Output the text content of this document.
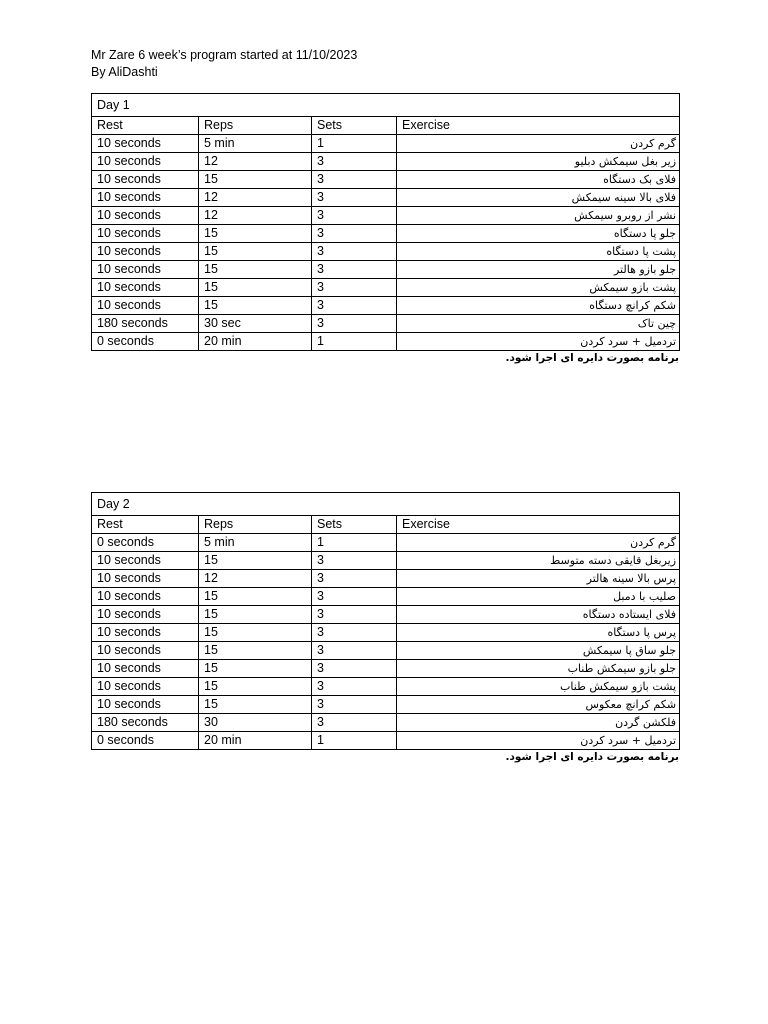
Mr Zare 6 week’s program started at 11/10/2023
By AliDashti
Day 1			
Rest	Reps	Sets	Exercise
10 seconds	5 min	1	گرم کردن
10 seconds	12	3	زیر بغل سیمکش دبلیو
10 seconds	15	3	فلای بک دستگاه
10 seconds	12	3	فلای بالا سینه سیمکش
10 seconds	12	3	نشر از روبرو سیمکش
10 seconds	15	3	جلو پا دستگاه
10 seconds	15	3	پشت پا دستگاه
10 seconds	15	3	جلو بازو هالتر
10 seconds	15	3	پشت بازو سیمکش
10 seconds	15	3	شکم کرانچ دستگاه
180 seconds	30 sec	3	چین تاک
0 seconds	20 min	1	تردمیل + سرد کردن
برنامه بصورت دایره ای اجرا شود.
Day 2			
Rest	Reps	Sets	Exercise
0 seconds	5 min	1	گرم کردن
10 seconds	15	3	زیربغل قایقی دسته متوسط
10 seconds	12	3	پرس بالا سینه هالتر
10 seconds	15	3	صلیب با دمبل
10 seconds	15	3	فلای ایستاده دستگاه
10 seconds	15	3	پرس پا دستگاه
10 seconds	15	3	جلو ساق پا سیمکش
10 seconds	15	3	جلو بازو سیمکش طناب
10 seconds	15	3	پشت بازو سیمکش طناب
10 seconds	15	3	شکم کرانچ معکوس
180 seconds	30	3	فلکشن گردن
0 seconds	20 min	1	تردمیل + سرد کردن
برنامه بصورت دایره ای اجرا شود.
